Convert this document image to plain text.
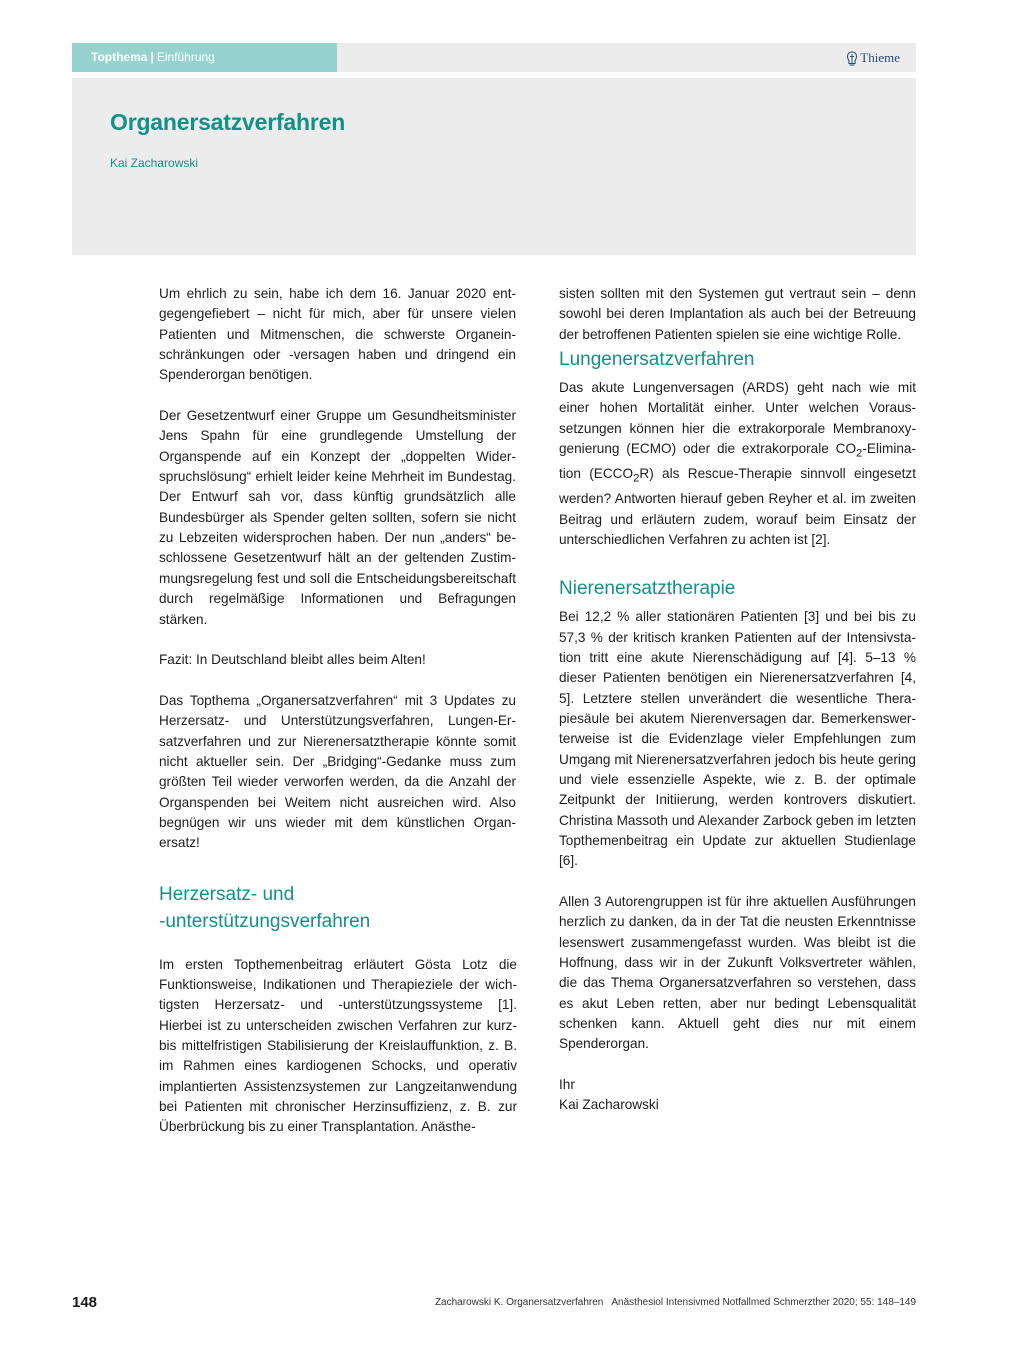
Topthema | Einführung	Thieme
Organersatzverfahren
Kai Zacharowski

Um ehrlich zu sein, habe ich dem 16. Januar 2020 entgegengefiebert – nicht für mich, aber für unsere vielen Patienten und Mitmenschen, die schwerste Organeinschränkungen oder -versagen haben und dringend ein Spenderorgan benötigen.

Der Gesetzentwurf einer Gruppe um Gesundheitsminister Jens Spahn für eine grundlegende Umstellung der Organspende auf ein Konzept der „doppelten Widerspruchslösung“ erhielt leider keine Mehrheit im Bundestag. Der Entwurf sah vor, dass künftig grundsätzlich alle Bundesbürger als Spender gelten sollten, sofern sie nicht zu Lebzeiten widersprochen haben. Der nun „anders“ beschlossene Gesetzentwurf hält an der geltenden Zustimmungsregelung fest und soll die Entscheidungsbereitschaft durch regelmäßige Informationen und Befragungen stärken.

Fazit: In Deutschland bleibt alles beim Alten!

Das Topthema „Organersatzverfahren“ mit 3 Updates zu Herzersatz- und Unterstützungsverfahren, Lungen-Ersatzverfahren und zur Nierenersatztherapie könnte somit nicht aktueller sein. Der „Bridging“-Gedanke muss zum größten Teil wieder verworfen werden, da die Anzahl der Organspenden bei Weitem nicht ausreichen wird. Also begnügen wir uns wieder mit dem künstlichen Organersatz!

Herzersatz- und
-unterstützungsverfahren

Im ersten Topthemenbeitrag erläutert Gösta Lotz die Funktionsweise, Indikationen und Therapieziele der wichtigsten Herzersatz- und -unterstützungssysteme [1]. Hierbei ist zu unterscheiden zwischen Verfahren zur kurz- bis mittelfristigen Stabilisierung der Kreislauffunktion, z. B. im Rahmen eines kardiogenen Schocks, und operativ implantierten Assistenzsystemen zur Langzeitanwendung bei Patienten mit chronischer Herzinsuffizienz, z. B. zur Überbrückung bis zu einer Transplantation. Anästhe-

sisten sollten mit den Systemen gut vertraut sein – denn sowohl bei deren Implantation als auch bei der Betreuung der betroffenen Patienten spielen sie eine wichtige Rolle.

Lungenersatzverfahren

Das akute Lungenversagen (ARDS) geht nach wie mit einer hohen Mortalität einher. Unter welchen Voraussetzungen können hier die extrakorporale Membranoxygenierung (ECMO) oder die extrakorporale $CO_2$-Elimination $(ECCO_2R)$ als Rescue-Therapie sinnvoll eingesetzt werden? Antworten hierauf geben Reyher et al. im zweiten Beitrag und erläutern zudem, worauf beim Einsatz der unterschiedlichen Verfahren zu achten ist [2].

Nierenersatztherapie

Bei 12,2 % aller stationären Patienten [3] und bei bis zu 57,3 % der kritisch kranken Patienten auf der Intensivstation tritt eine akute Nierenschädigung auf [4]. 5–13 % dieser Patienten benötigen ein Nierenersatzverfahren [4, 5]. Letztere stellen unverändert die wesentliche Therapiesäule bei akutem Nierenversagen dar. Bemerkenswerterweise ist die Evidenzlage vieler Empfehlungen zum Umgang mit Nierenersatzverfahren jedoch bis heute gering und viele essenzielle Aspekte, wie z. B. der optimale Zeitpunkt der Initiierung, werden kontrovers diskutiert. Christina Massoth und Alexander Zarbock geben im letzten Topthemenbeitrag ein Update zur aktuellen Studienlage [6].

Allen 3 Autorengruppen ist für ihre aktuellen Ausführungen herzlich zu danken, da in der Tat die neusten Erkenntnisse lesenswert zusammengefasst wurden. Was bleibt ist die Hoffnung, dass wir in der Zukunft Volksvertreter wählen, die das Thema Organersatzverfahren so verstehen, dass es akut Leben retten, aber nur bedingt Lebensqualität schenken kann. Aktuell geht dies nur mit einem Spenderorgan.

Ihr

Kai Zacharowski

148	Zacharowski K. Organersatzverfahren Anästhesiol Intensivmed Notfallmed Schmerzther 2020; 55: 148–149
